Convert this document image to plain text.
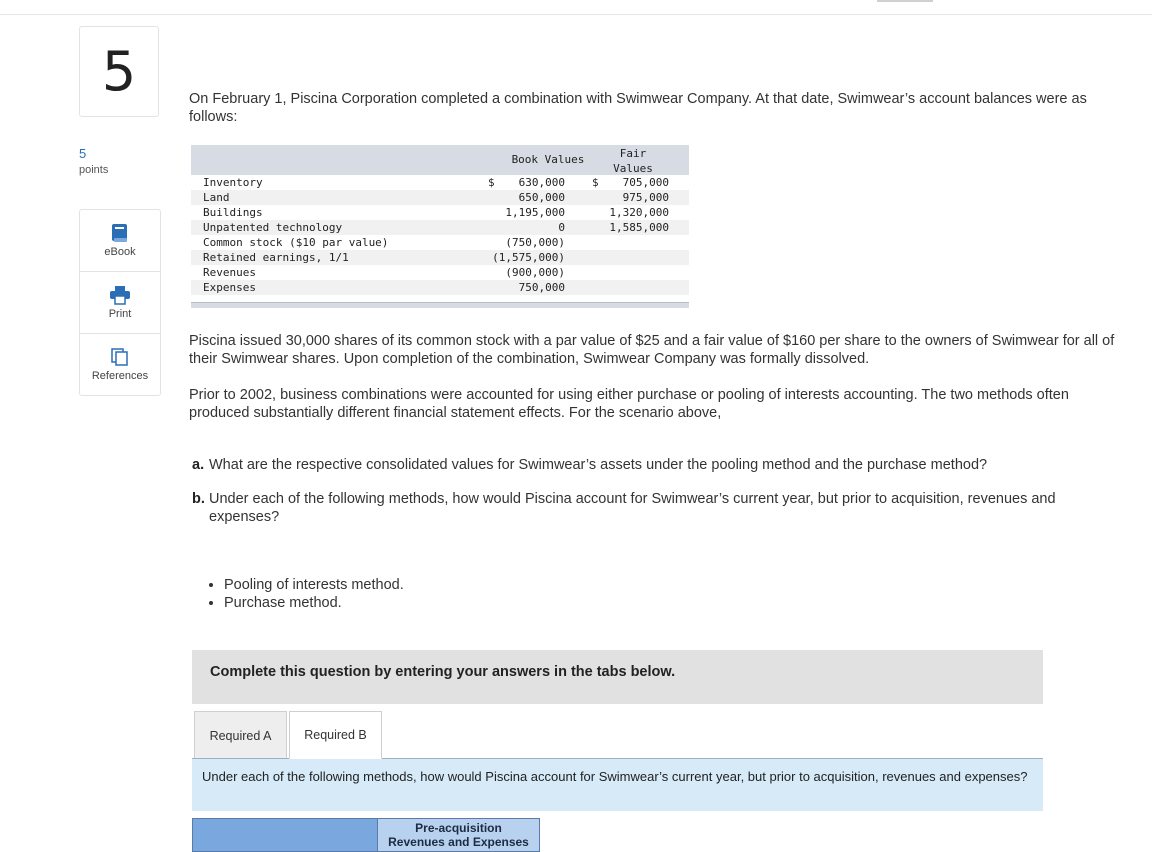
5
5
points
eBook
Print
References
On February 1, Piscina Corporation completed a combination with Swimwear Company. At that date, Swimwear’s account balances were as follows:
Book Values	Fair
Values
Inventory	$	630,000 $	705,000
Land	650,000	975,000
Buildings	1,195,000	1,320,000
Unpatented technology	0	1,585,000
Common stock ($10 par value)	(750,000)
Retained earnings, 1/1	(1,575,000)
Revenues	(900,000)
Expenses	750,000
Piscina issued 30,000 shares of its common stock with a par value of $25 and a fair value of $160 per share to the owners of Swimwear for all of their Swimwear shares. Upon completion of the combination, Swimwear Company was formally dissolved.
Prior to 2002, business combinations were accounted for using either purchase or pooling of interests accounting. The two methods often produced substantially different financial statement effects. For the scenario above,
a. What are the respective consolidated values for Swimwear’s assets under the pooling method and the purchase method?
b. Under each of the following methods, how would Piscina account for Swimwear’s current year, but prior to acquisition, revenues and expenses?
Pooling of interests method.
Purchase method.
Complete this question by entering your answers in the tabs below.
Required A	Required B
Under each of the following methods, how would Piscina account for Swimwear’s current year, but prior to acquisition, revenues and expenses?
Pre-acquisition
Revenues and Expenses
